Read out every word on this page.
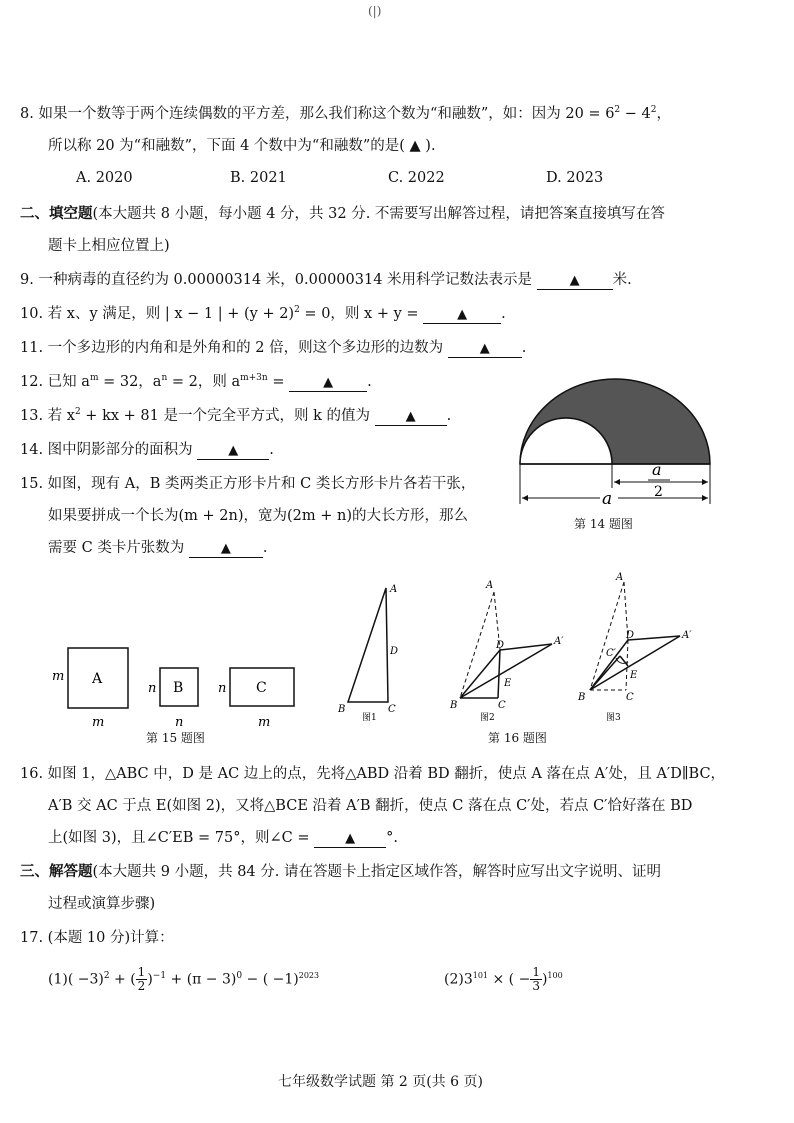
(|)
8. 如果一个数等于两个连续偶数的平方差，那么我们称这个数为“和融数”，如：因为 $20 = 6^2 - 4^2$，
所以称 20 为“和融数”，下面 4 个数中为“和融数”的是( ▲ ).
A. 2020	B. 2021	C. 2022	D. 2023
二、填空题(本大题共 8 小题，每小题 4 分，共 32 分. 不需要写出解答过程，请把答案直接填写在答
题卡上相应位置上)
9. 一种病毒的直径约为 0.00000314 米，0.00000314 米用科学记数法表示是	▲ 米.
10. 若 x、y 满足，则 | x − 1 | + $(y + 2)^2 = 0$，则 x + y =	▲ .
11. 一个多边形的内角和是外角和的 2 倍，则这个多边形的边数为	▲ .
12. 已知 $a^m = 32$，$a^n = 2$，则 $a^{m+3n}$ =	▲ .
13. 若 $x^2$ + kx + 81 是一个完全平方式，则 k 的值为	▲ .
14. 图中阴影部分的面积为	▲ .
15. 如图，现有 A，B 类两类正方形卡片和 C 类长方形卡片各若干张，
如果要拼成一个长为(m + 2n)，宽为(2m + n)的大长方形，那么
需要 C 类卡片张数为	▲ .
a
2
a
第 14 题图
A
m
m
B
n
n
C
n
m
第 15 题图
A
D
B	C
图1
A
D	A′
E
B	C
图2
A
D	A′
C′
E
B	C
图3
第 16 题图
16. 如图 1，△ABC 中，D 是 AC 边上的点，先将△ABD 沿着 BD 翻折，使点 A 落在点 A′处，且 A′D∥BC，
A′B 交 AC 于点 E(如图 2)，又将△BCE 沿着 A′B 翻折，使点 C 落在点 C′处，若点 C′恰好落在 BD
上(如图 3)，且∠C′EB = 75°，则∠C =	▲ °.
三、解答题(本大题共 9 小题，共 84 分. 请在答题卡上指定区域作答，解答时应写出文字说明、证明
过程或演算步骤)
17. (本题 10 分)计算：
$(1)( -3)^2$ + ( $\frac{1}{2} )^{-1} + (\pi - 3)^0$ − ( −1)$^{2023}$	$(2)3^{101}$ × ( − $\frac{1}{3} )^{100}$
七年级数学试题 第 2 页(共 6 页)
